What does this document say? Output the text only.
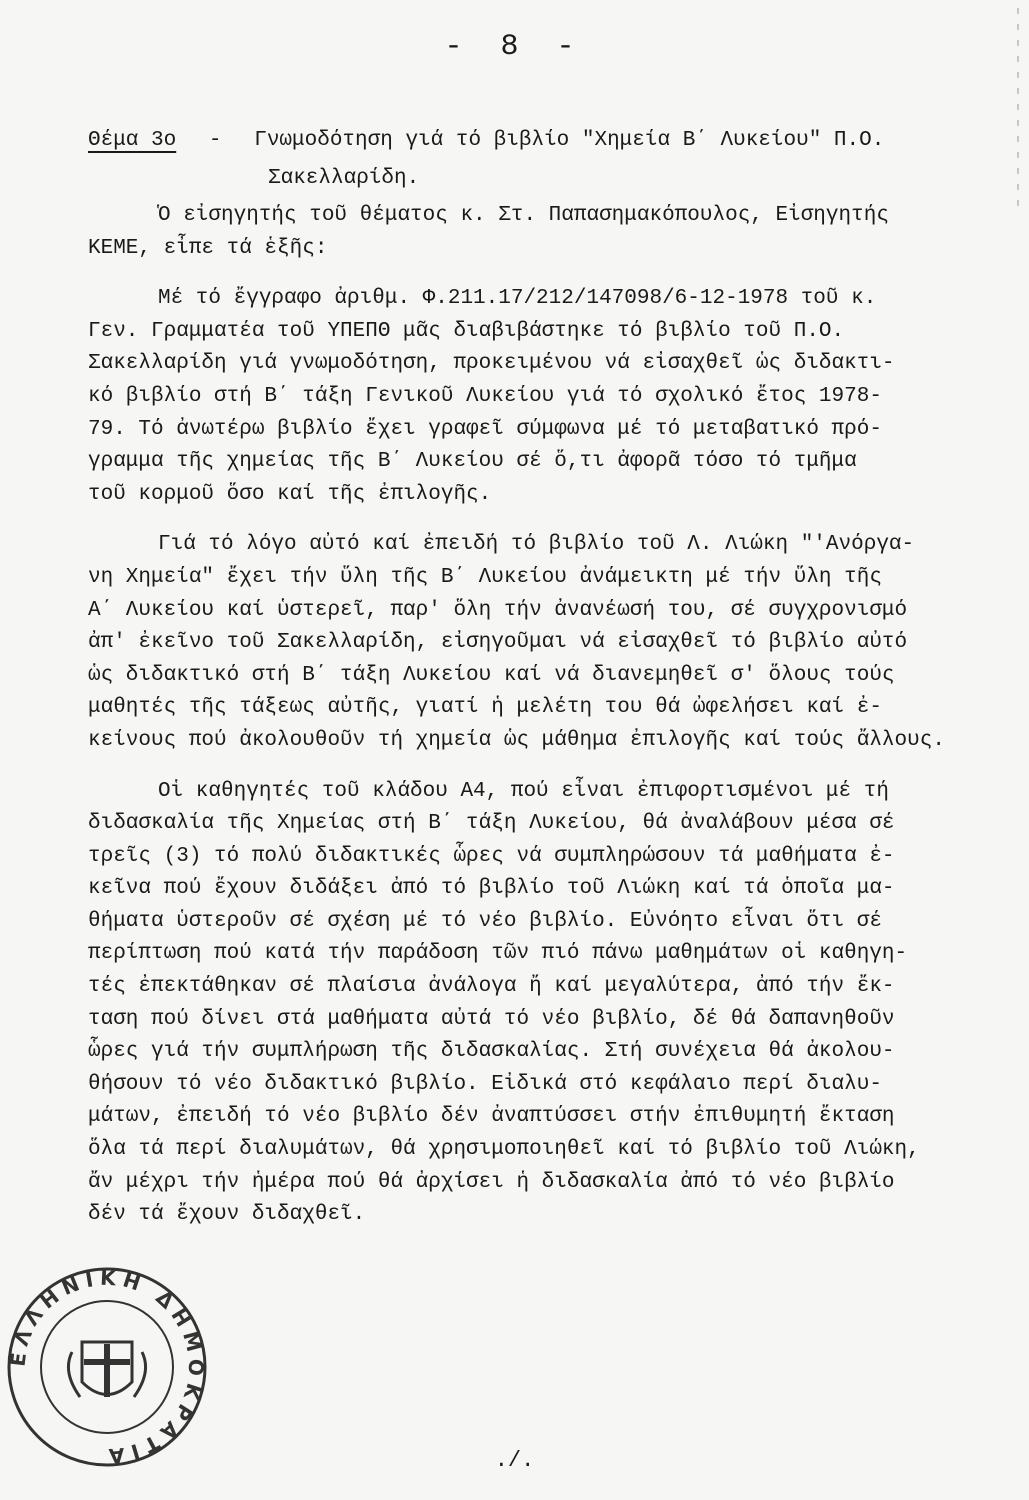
- 8 -
Θέμα 3ο	-	Γνωμοδότηση γιά τό βιβλίο "Χημεία Β΄ Λυκείου" Π.Ο.
Σακελλαρίδη.
Ὁ εἰσηγητής τοῦ θέματος κ. Στ. Παπασημακόπουλος, Εἰσηγητής
ΚΕΜΕ, εἶπε τά ἑξῆς:
Μέ τό ἔγγραφο ἀριθμ. Φ.211.17/212/147098/6-12-1978 τοῦ κ.
Γεν. Γραμματέα τοῦ ΥΠΕΠΘ μᾶς διαβιβάστηκε τό βιβλίο τοῦ Π.Ο.
Σακελλαρίδη γιά γνωμοδότηση, προκειμένου νά εἰσαχθεῖ ὡς διδακτι-
κό βιβλίο στή Β΄ τάξη Γενικοῦ Λυκείου γιά τό σχολικό ἔτος 1978-
79. Τό ἀνωτέρω βιβλίο ἔχει γραφεῖ σύμφωνα μέ τό μεταβατικό πρό-
γραμμα τῆς χημείας τῆς Β΄ Λυκείου σέ ὅ,τι ἀφορᾶ τόσο τό τμῆμα
τοῦ κορμοῦ ὅσο καί τῆς ἐπιλογῆς.
Γιά τό λόγο αὐτό καί ἐπειδή τό βιβλίο τοῦ Λ. Λιώκη "'Ανόργα-
νη Χημεία" ἔχει τήν ὕλη τῆς Β΄ Λυκείου ἀνάμεικτη μέ τήν ὕλη τῆς
Α΄ Λυκείου καί ὑστερεῖ, παρ' ὅλη τήν ἀνανέωσή του, σέ συγχρονισμό
ἀπ' ἐκεῖνο τοῦ Σακελλαρίδη, εἰσηγοῦμαι νά εἰσαχθεῖ τό βιβλίο αὐτό
ὡς διδακτικό στή Β΄ τάξη Λυκείου καί νά διανεμηθεῖ σ' ὅλους τούς
μαθητές τῆς τάξεως αὐτῆς, γιατί ἡ μελέτη του θά ὠφελήσει καί ἐ-
κείνους πού ἀκολουθοῦν τή χημεία ὡς μάθημα ἐπιλογῆς καί τούς ἄλλους.
Οἱ καθηγητές τοῦ κλάδου Α4, πού εἶναι ἐπιφορτισμένοι μέ τή
διδασκαλία τῆς Χημείας στή Β΄ τάξη Λυκείου, θά ἀναλάβουν μέσα σέ
τρεῖς (3) τό πολύ διδακτικές ὧρες νά συμπληρώσουν τά μαθήματα ἐ-
κεῖνα πού ἔχουν διδάξει ἀπό τό βιβλίο τοῦ Λιώκη καί τά ὁποῖα μα-
θήματα ὑστεροῦν σέ σχέση μέ τό νέο βιβλίο. Εὐνόητο εἶναι ὅτι σέ
περίπτωση πού κατά τήν παράδοση τῶν πιό πάνω μαθημάτων οἱ καθηγη-
τές ἐπεκτάθηκαν σέ πλαίσια ἀνάλογα ἤ καί μεγαλύτερα, ἀπό τήν ἔκ-
ταση πού δίνει στά μαθήματα αὐτά τό νέο βιβλίο, δέ θά δαπανηθοῦν
ὧρες γιά τήν συμπλήρωση τῆς διδασκαλίας. Στή συνέχεια θά ἀκολου-
θήσουν τό νέο διδακτικό βιβλίο. Εἰδικά στό κεφάλαιο περί διαλυ-
μάτων, ἐπειδή τό νέο βιβλίο δέν ἀναπτύσσει στήν ἐπιθυμητή ἔκταση
ὅλα τά περί διαλυμάτων, θά χρησιμοποιηθεῖ καί τό βιβλίο τοῦ Λιώκη,
ἄν μέχρι τήν ἡμέρα πού θά ἀρχίσει ἡ διδασκαλία ἀπό τό νέο βιβλίο
δέν τά ἔχουν διδαχθεῖ.
ΕΛΛΗΝΙΚΗ ΔΗΜΟΚΡΑΤΙΑ	./.
